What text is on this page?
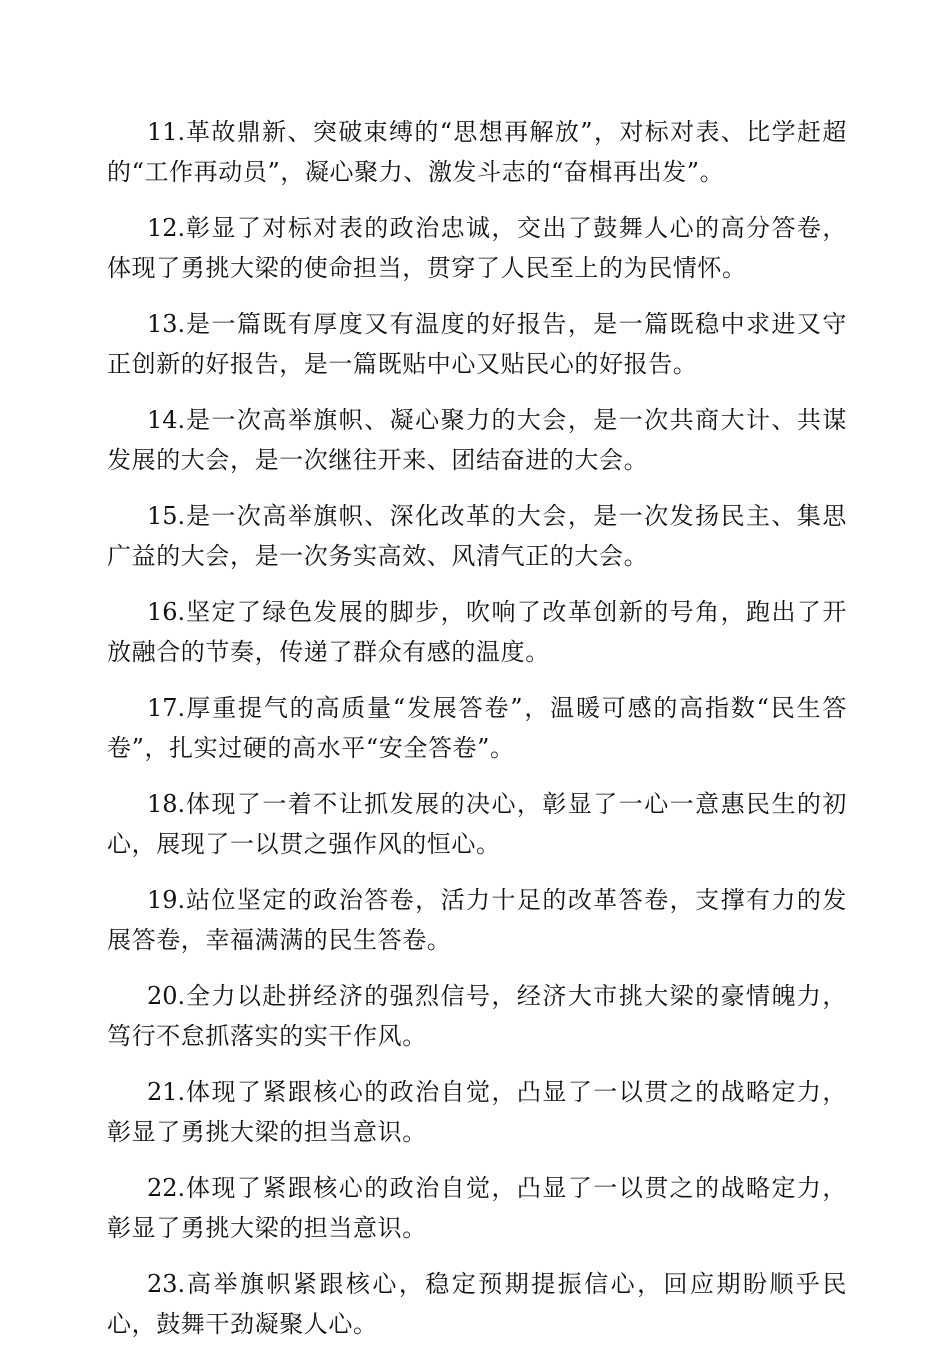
11.革故鼎新、突破束缚的“思想再解放”，对标对表、比学赶超的“工作再动员”，凝心聚力、激发斗志的“奋楫再出发”。

12.彰显了对标对表的政治忠诚，交出了鼓舞人心的高分答卷，体现了勇挑大梁的使命担当，贯穿了人民至上的为民情怀。

13.是一篇既有厚度又有温度的好报告，是一篇既稳中求进又守正创新的好报告，是一篇既贴中心又贴民心的好报告。

14.是一次高举旗帜、凝心聚力的大会，是一次共商大计、共谋发展的大会，是一次继往开来、团结奋进的大会。

15.是一次高举旗帜、深化改革的大会，是一次发扬民主、集思广益的大会，是一次务实高效、风清气正的大会。

16.坚定了绿色发展的脚步，吹响了改革创新的号角，跑出了开放融合的节奏，传递了群众有感的温度。

17.厚重提气的高质量“发展答卷”，温暖可感的高指数“民生答卷”，扎实过硬的高水平“安全答卷”。

18.体现了一着不让抓发展的决心，彰显了一心一意惠民生的初心，展现了一以贯之强作风的恒心。

19.站位坚定的政治答卷，活力十足的改革答卷，支撑有力的发展答卷，幸福满满的民生答卷。

20.全力以赴拼经济的强烈信号，经济大市挑大梁的豪情魄力，笃行不怠抓落实的实干作风。

21.体现了紧跟核心的政治自觉，凸显了一以贯之的战略定力，彰显了勇挑大梁的担当意识。

22.体现了紧跟核心的政治自觉，凸显了一以贯之的战略定力，彰显了勇挑大梁的担当意识。

23.高举旗帜紧跟核心，稳定预期提振信心，回应期盼顺乎民心，鼓舞干劲凝聚人心。
